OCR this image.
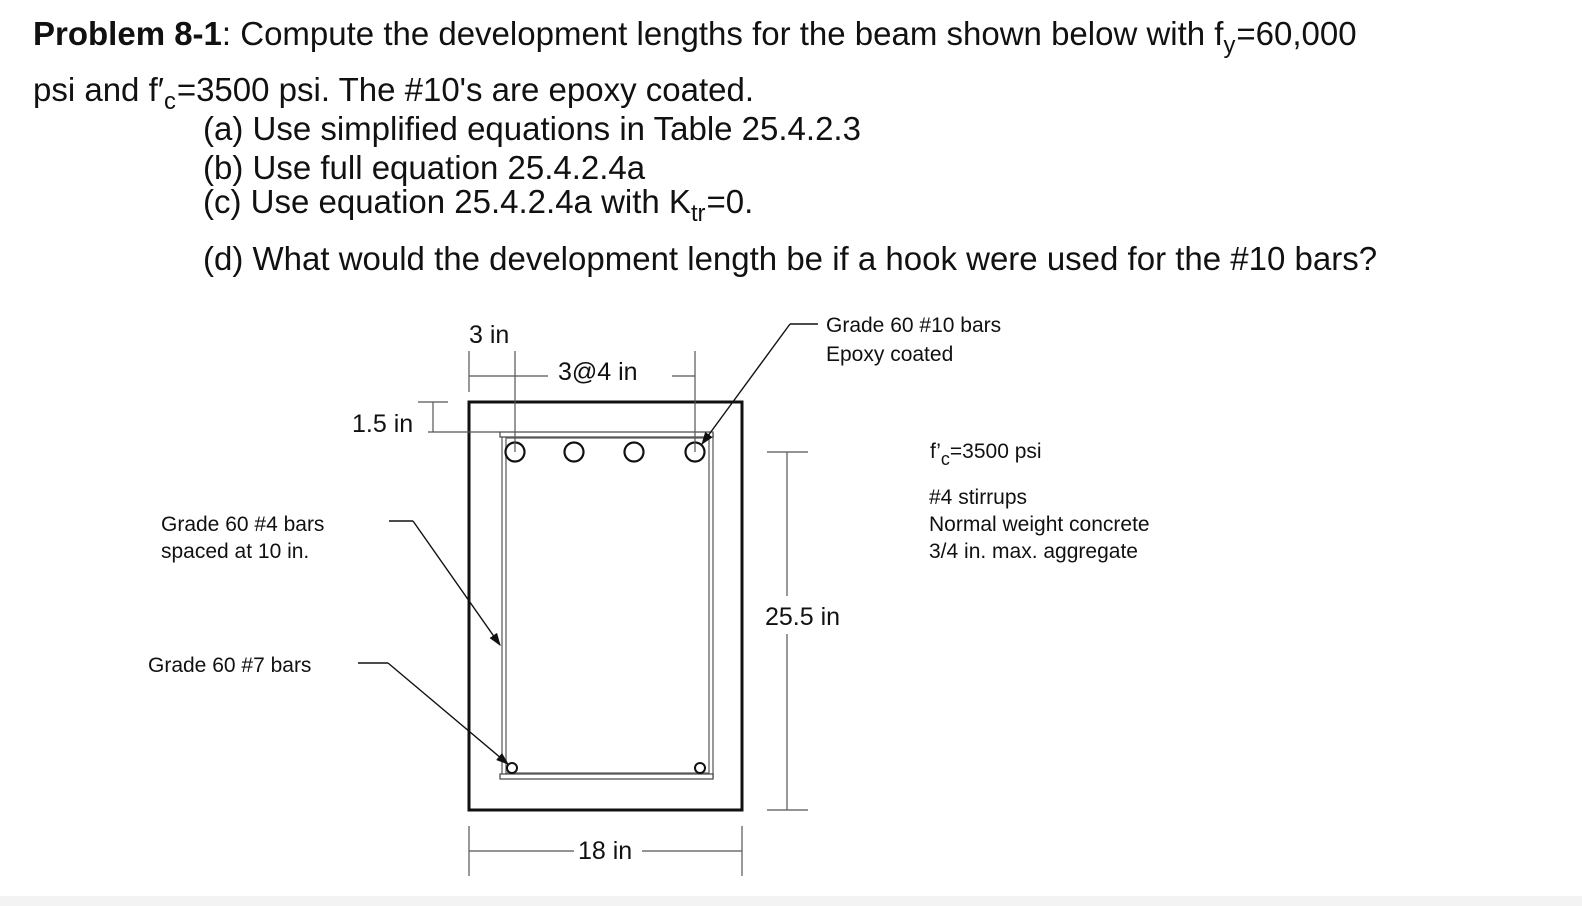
Problem 8-1: Compute the development lengths for the beam shown below with $f_y=60,000$
psi and $f'_c=3500$ psi. The #10's are epoxy coated.
(a) Use simplified equations in Table 25.4.2.3
(b) Use full equation 25.4.2.4a
(c) Use equation 25.4.2.4a with $K_{tr}=0$.
(d) What would the development length be if a hook were used for the #10 bars?
3 in
3@4 in
1.5 in
25.5 in
18 in
Grade 60 #10 bars
Epoxy coated
Grade 60 #4 bars
spaced at 10 in.
Grade 60 #7 bars
f’c=3500 psi
#4 stirrups
Normal weight concrete
3/4 in. max. aggregate
